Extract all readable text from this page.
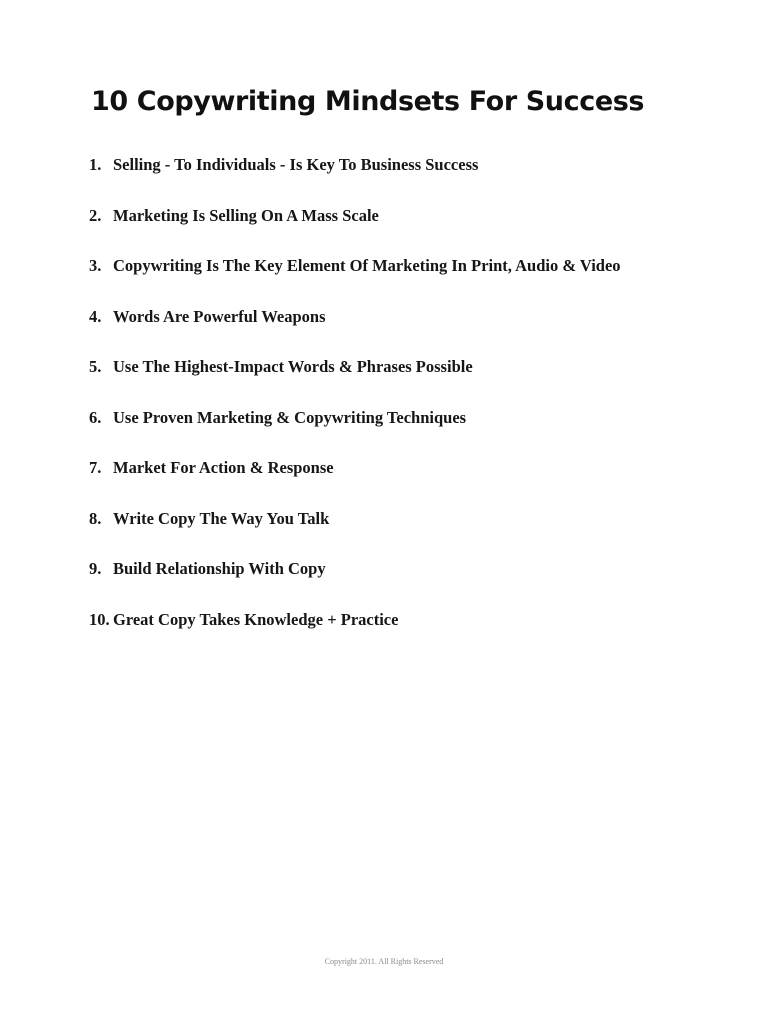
10 Copywriting Mindsets For Success
1. Selling - To Individuals - Is Key To Business Success
2. Marketing Is Selling On A Mass Scale
3. Copywriting Is The Key Element Of Marketing In Print, Audio & Video
4. Words Are Powerful Weapons
5. Use The Highest-Impact Words & Phrases Possible
6. Use Proven Marketing & Copywriting Techniques
7. Market For Action & Response
8. Write Copy The Way You Talk
9. Build Relationship With Copy
10. Great Copy Takes Knowledge + Practice
Copyright 2011. All Rights Reserved
